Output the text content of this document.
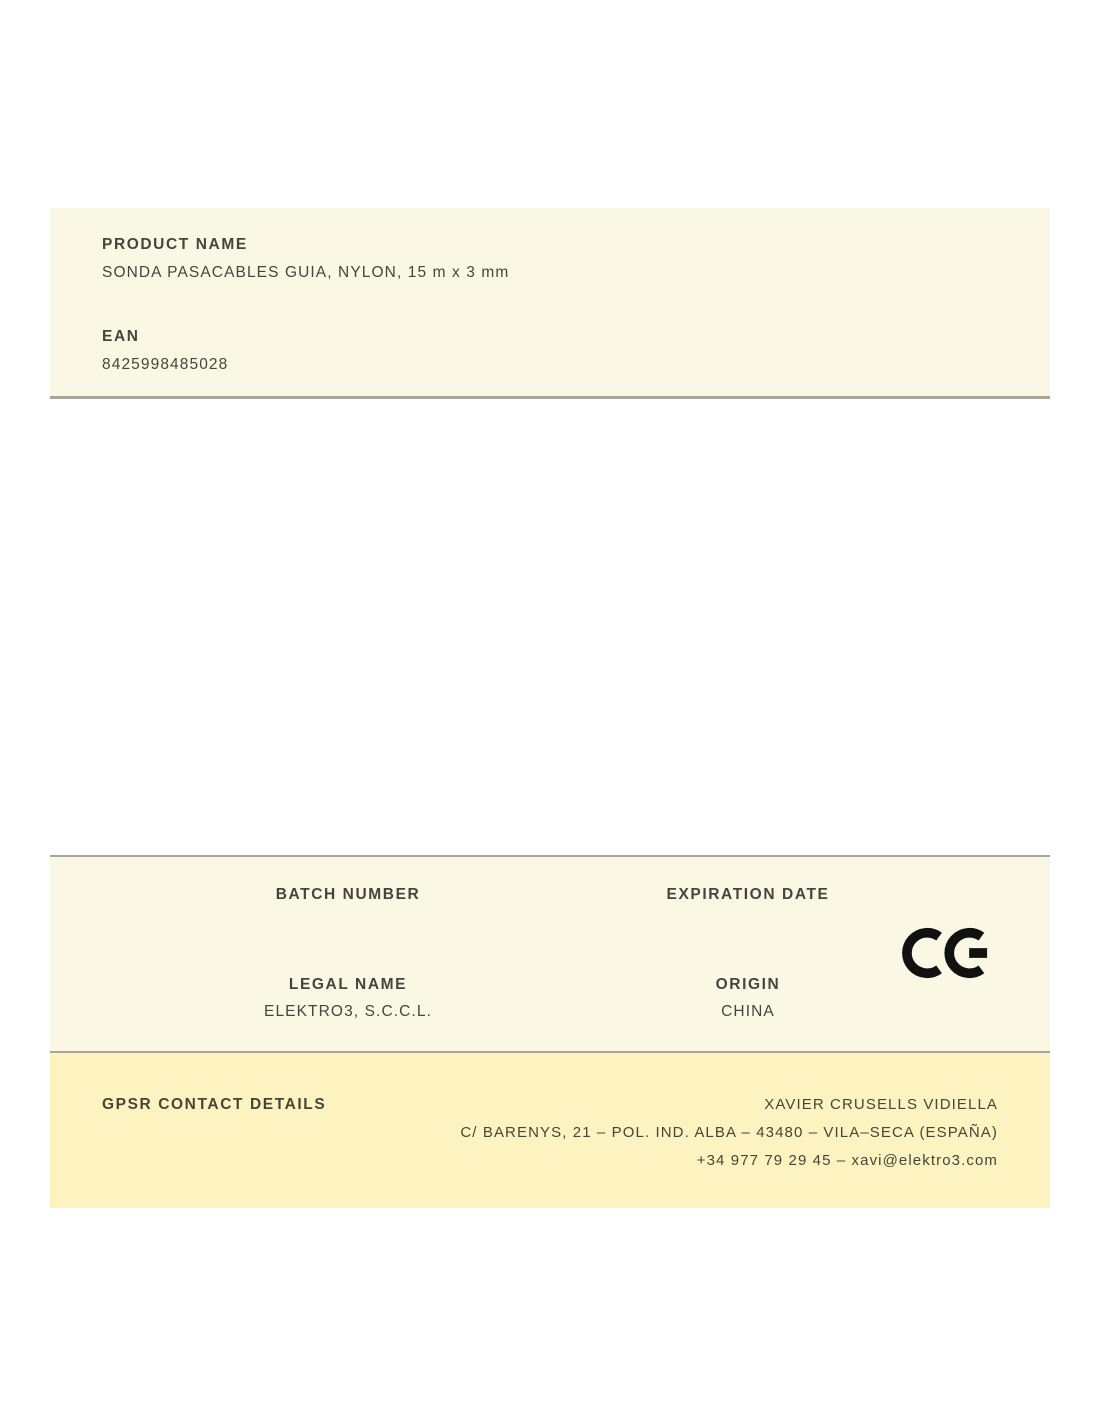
PRODUCT NAME
SONDA PASACABLES GUIA, NYLON, 15 m x 3 mm
EAN
8425998485028
BATCH NUMBER
LEGAL NAME
ELEKTRO3, S.C.C.L.
EXPIRATION DATE
ORIGIN
CHINA
GPSR CONTACT DETAILS	XAVIER CRUSELLS VIDIELLA
C/ BARENYS, 21 – POL. IND. ALBA – 43480 – VILA–SECA (ESPAÑA)
+34 977 79 29 45 – xavi@elektro3.com
